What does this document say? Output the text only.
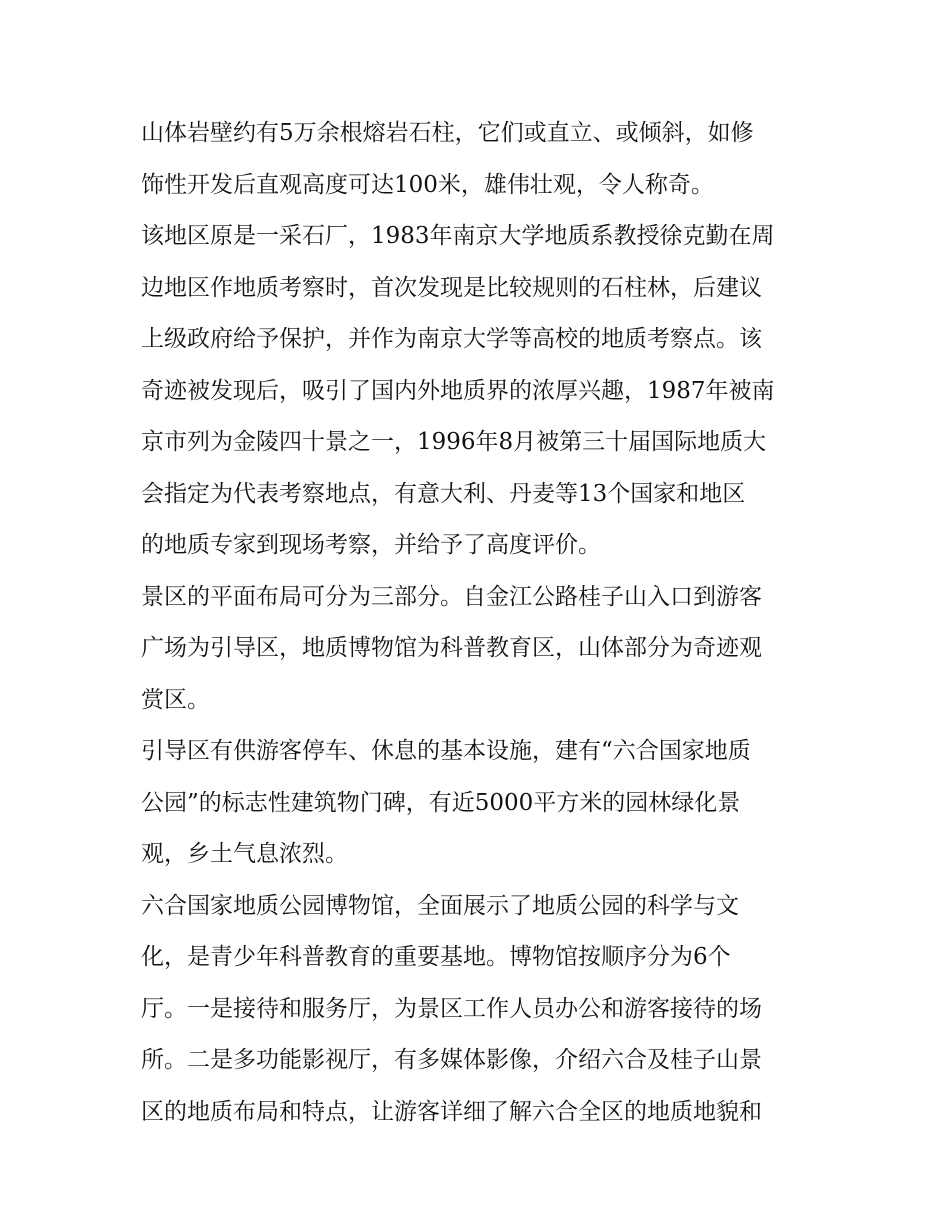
山体岩壁约有5万余根熔岩石柱，它们或直立、或倾斜，如修
饰性开发后直观高度可达100米，雄伟壮观，令人称奇。
该地区原是一采石厂，1983年南京大学地质系教授徐克勤在周
边地区作地质考察时，首次发现是比较规则的石柱林，后建议
上级政府给予保护，并作为南京大学等高校的地质考察点。该
奇迹被发现后，吸引了国内外地质界的浓厚兴趣，1987年被南
京市列为金陵四十景之一，1996年8月被第三十届国际地质大
会指定为代表考察地点，有意大利、丹麦等13个国家和地区
的地质专家到现场考察，并给予了高度评价。
景区的平面布局可分为三部分。自金江公路桂子山入口到游客
广场为引导区，地质博物馆为科普教育区，山体部分为奇迹观
赏区。
引导区有供游客停车、休息的基本设施，建有“六合国家地质
公园”的标志性建筑物门碑，有近5000平方米的园林绿化景
观，乡土气息浓烈。
六合国家地质公园博物馆，全面展示了地质公园的科学与文
化，是青少年科普教育的重要基地。博物馆按顺序分为6个
厅。一是接待和服务厅，为景区工作人员办公和游客接待的场
所。二是多功能影视厅，有多媒体影像，介绍六合及桂子山景
区的地质布局和特点，让游客详细了解六合全区的地质地貌和
